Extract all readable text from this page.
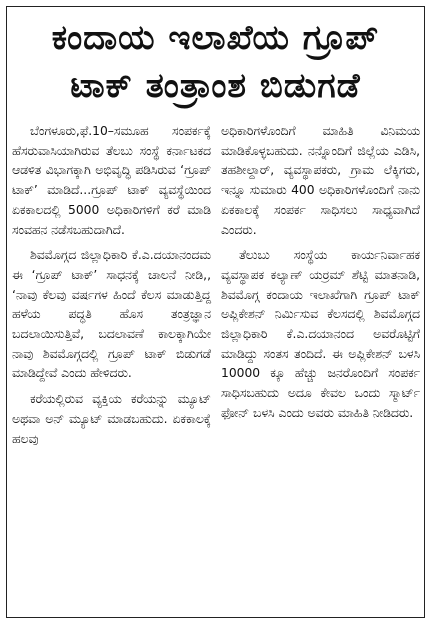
ಕಂದಾಯ ಇಲಾಖೆಯ ಗ್ರೂಪ್
ಟಾಕ್ ತಂತ್ರಾಂಶ ಬಿಡುಗಡೆ

ಬೆಂಗಳೂರು,ಫೆ.10–ಸಮೂಹ ಸಂಪರ್ಕಕ್ಕೆ ಹೆಸರುವಾಸಿಯಾಗಿರುವ ತೆಲಬು ಸಂಸ್ಥೆ ಕರ್ನಾಟಕದ ಆಡಳಿತ ವಿಭಾಗಕ್ಕಾಗಿ ಅಭಿವೃದ್ಧಿ ಪಡಿಸಿರುವ ‘ಗ್ರೂಪ್ ಟಾಕ್’ ಮಾಡಿದೆ...ಗ್ರೂಪ್ ಟಾಕ್ ವ್ಯವಸ್ಥೆಯಿಂದ ಏಕಕಾಲದಲ್ಲಿ 5000 ಅಧಿಕಾರಿಗಳಿಗೆ ಕರೆ ಮಾಡಿ ಸಂವಹನ ನಡೆಸಬಹುದಾಗಿದೆ.

ಶಿವಮೊಗ್ಗದ ಜಿಲ್ಲಾಧಿಕಾರಿ ಕೆ.ಎ.ದಯಾನಂದಮ ಈ ‘ಗ್ರೂಪ್ ಟಾಕ್’ ಸಾಧನಕ್ಕೆ ಚಾಲನೆ ನೀಡಿ,, ‘ನಾವು ಕೆಲವು ವರ್ಷಗಳ ಹಿಂದೆ ಕೆಲಸ ಮಾಡುತ್ತಿದ್ದ ಹಳೆಯ ಪದ್ಧತಿ ಹೊಸ ತಂತ್ರಜ್ಞಾನ ಬದಲಾಯಿಸುತ್ತಿವೆ, ಬದಲಾವಣೆ ಕಾಲಕ್ಕಾಗಿಯೇ ನಾವು ಶಿವಮೊಗ್ಗದಲ್ಲಿ ಗ್ರೂಪ್ ಟಾಕ್ ಬಿಡುಗಡೆ ಮಾಡಿದ್ದೇವೆ ಎಂದು ಹೇಳಿದರು.

ಕರೆಯಲ್ಲಿರುವ ವ್ಯಕ್ತಿಯ ಕರೆಯನ್ನು ಮ್ಯೂಟ್ ಅಥವಾ ಅನ್ ಮ್ಯೂಟ್ ಮಾಡಬಹುದು. ಏಕಕಾಲಕ್ಕೆ ಹಲವು

ಅಧಿಕಾರಿಗಳೊಂದಿಗೆ ಮಾಹಿತಿ ವಿನಿಮಯ ಮಾಡಿಕೊಳ್ಳಬಹುದು. ನನ್ನೊಂದಿಗೆ ಜಿಲ್ಲೆಯ ಎಡಿಸಿ, ತಹಶೀಲ್ದಾರ್, ವ್ಯವಸ್ಥಾಪಕರು, ಗ್ರಾಮ ಲೆಕ್ಕಿಗರು, ಇನ್ನೂ ಸುಮಾರು 400 ಅಧಿಕಾರಿಗಳೊಂದಿಗೆ ನಾನು ಏಕಕಾಲಕ್ಕೆ ಸಂಪರ್ಕ ಸಾಧಿಸಲು ಸಾಧ್ಯವಾಗಿದೆ ಎಂದರು.

ತೆಲುಬು ಸಂಸ್ಥೆಯ ಕಾರ್ಯನಿರ್ವಾಹಕ ವ್ಯವಸ್ಥಾಪಕ ಕಲ್ಯಾಣ್ ಯರ್ರಮ್ ಶೆಟ್ಟಿ ಮಾತನಾಡಿ, ಶಿವಮೊಗ್ಗ ಕಂದಾಯ ಇಲಾಖೆಗಾಗಿ ಗ್ರೂಪ್ ಟಾಕ್ ಅಪ್ಲಿಕೇಶನ್ ನಿರ್ಮಿಸುವ ಕೆಲಸದಲ್ಲಿ ಶಿವಮೊಗ್ಗದ ಜಿಲ್ಲಾಧಿಕಾರಿ ಕೆ.ಎ.ದಯಾನಂದ ಅವರೊಟ್ಟಿಗೆ ಮಾಡಿದ್ದು ಸಂತಸ ತಂದಿದೆ. ಈ ಅಪ್ಲಿಕೇಶನ್ ಬಳಸಿ 10000 ಕ್ಕೂ ಹೆಚ್ಚು ಜನರೊಂದಿಗೆ ಸಂಪರ್ಕ ಸಾಧಿಸಬಹುದು ಅದೂ ಕೇವಲ ಒಂದು ಸ್ಮಾರ್ಟ್ ಫೋನ್ ಬಳಸಿ ಎಂದು ಅವರು ಮಾಹಿತಿ ನೀಡಿದರು.
